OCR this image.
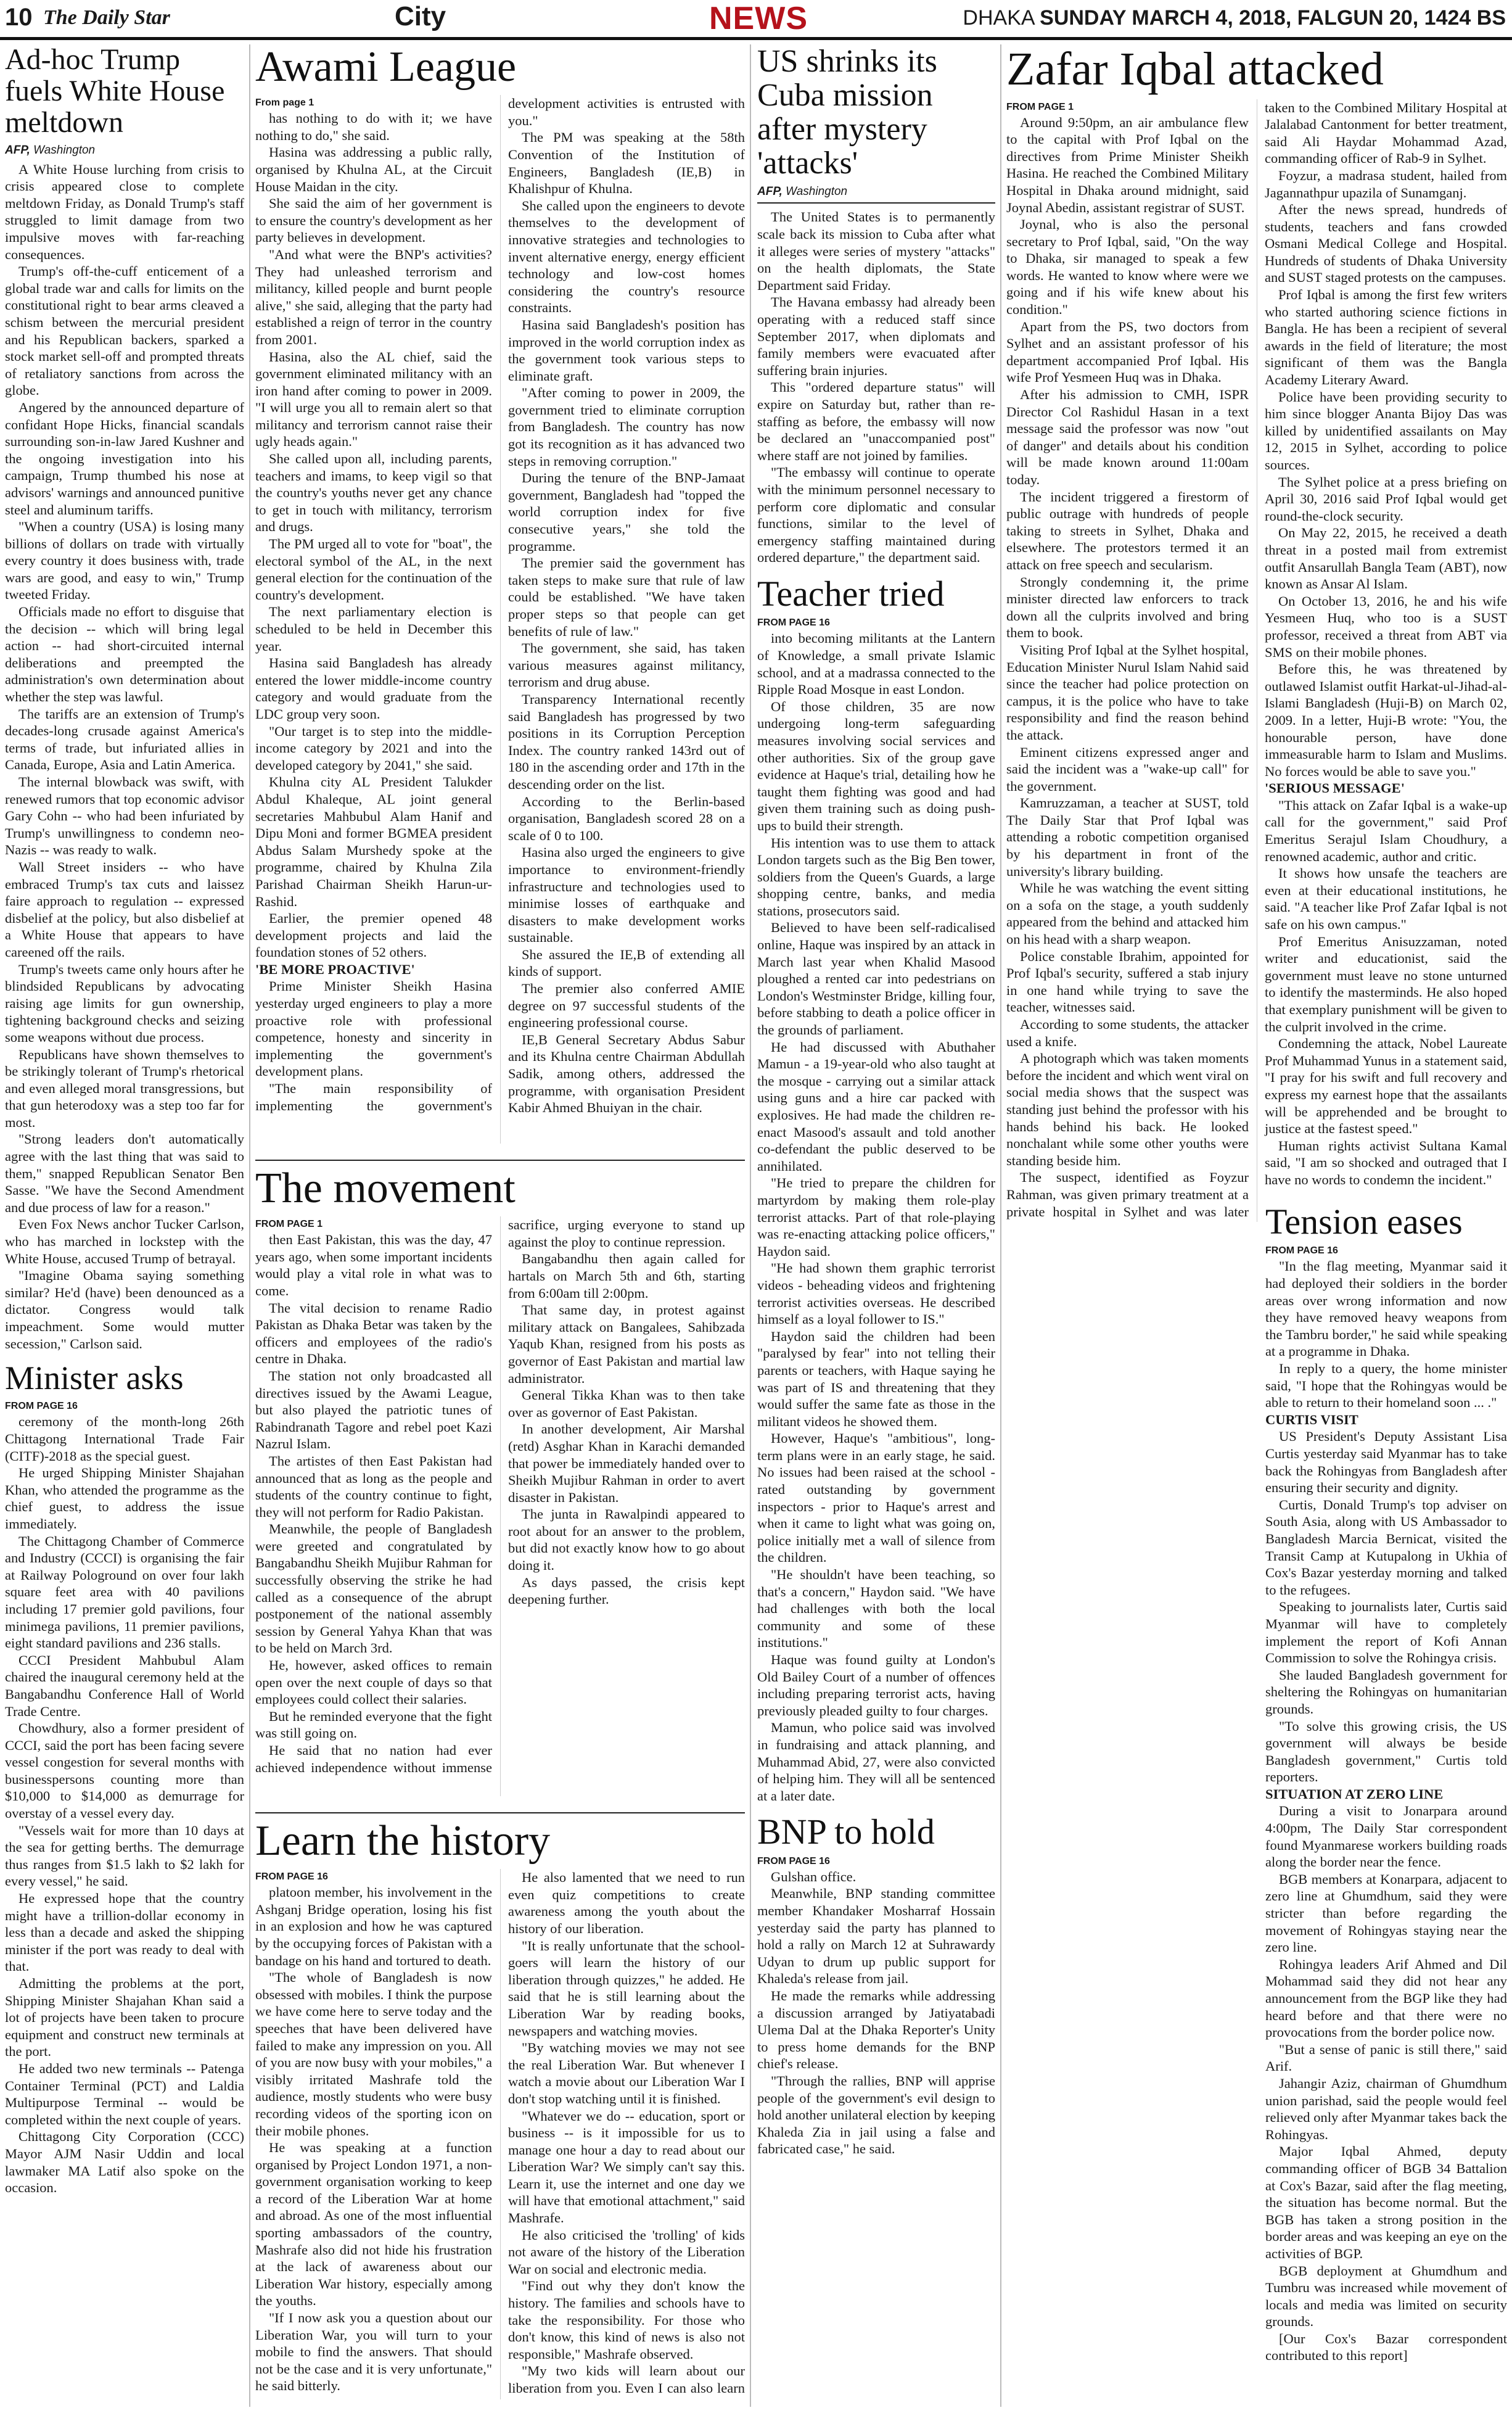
10 The Daily Star	City	NEWS	DHAKA SUNDAY MARCH 4, 2018, FALGUN 20, 1424 BS
Ad-hoc Trump fuels White House meltdown
AFP, Washington

A White House lurching from crisis to crisis appeared close to complete meltdown Friday, as Donald Trump's staff struggled to limit damage from two impulsive moves with far-reaching consequences.

Trump's off-the-cuff enticement of a global trade war and calls for limits on the constitutional right to bear arms cleaved a schism between the mercurial president and his Republican backers, sparked a stock market sell-off and prompted threats of retaliatory sanctions from across the globe.

Angered by the announced departure of confidant Hope Hicks, financial scandals surrounding son-in-law Jared Kushner and the ongoing investigation into his campaign, Trump thumbed his nose at advisors' warnings and announced punitive steel and aluminum tariffs.

"When a country (USA) is losing many billions of dollars on trade with virtually every country it does business with, trade wars are good, and easy to win," Trump tweeted Friday.

Officials made no effort to disguise that the decision -- which will bring legal action -- had short-circuited internal deliberations and preempted the administration's own determination about whether the step was lawful.

The tariffs are an extension of Trump's decades-long crusade against America's terms of trade, but infuriated allies in Canada, Europe, Asia and Latin America.

The internal blowback was swift, with renewed rumors that top economic advisor Gary Cohn -- who had been infuriated by Trump's unwillingness to condemn neo-Nazis -- was ready to walk.

Wall Street insiders -- who have embraced Trump's tax cuts and laissez faire approach to regulation -- expressed disbelief at the policy, but also disbelief at a White House that appears to have careened off the rails.

Trump's tweets came only hours after he blindsided Republicans by advocating raising age limits for gun ownership, tightening background checks and seizing some weapons without due process.

Republicans have shown themselves to be strikingly tolerant of Trump's rhetorical and even alleged moral transgressions, but that gun heterodoxy was a step too far for most.

"Strong leaders don't automatically agree with the last thing that was said to them," snapped Republican Senator Ben Sasse. "We have the Second Amendment and due process of law for a reason."

Even Fox News anchor Tucker Carlson, who has marched in lockstep with the White House, accused Trump of betrayal.

"Imagine Obama saying something similar? He'd (have) been denounced as a dictator. Congress would talk impeachment. Some would mutter secession," Carlson said.

Minister asks
FROM PAGE 16

ceremony of the month-long 26th Chittagong International Trade Fair (CITF)-2018 as the special guest.

He urged Shipping Minister Shajahan Khan, who attended the programme as the chief guest, to address the issue immediately.

The Chittagong Chamber of Commerce and Industry (CCCI) is organising the fair at Railway Pologround on over four lakh square feet area with 40 pavilions including 17 premier gold pavilions, four minimega pavilions, 11 premier pavilions, eight standard pavilions and 236 stalls.

CCCI President Mahbubul Alam chaired the inaugural ceremony held at the Bangabandhu Conference Hall of World Trade Centre.

Chowdhury, also a former president of CCCI, said the port has been facing severe vessel congestion for several months with businesspersons counting more than $10,000 to $14,000 as demurrage for overstay of a vessel every day.

"Vessels wait for more than 10 days at the sea for getting berths. The demurrage thus ranges from $1.5 lakh to $2 lakh for every vessel," he said.

He expressed hope that the country might have a trillion-dollar economy in less than a decade and asked the shipping minister if the port was ready to deal with that.

Admitting the problems at the port, Shipping Minister Shajahan Khan said a lot of projects have been taken to procure equipment and construct new terminals at the port.

He added two new terminals -- Patenga Container Terminal (PCT) and Laldia Multipurpose Terminal -- would be completed within the next couple of years.

Chittagong City Corporation (CCC) Mayor AJM Nasir Uddin and local lawmaker MA Latif also spoke on the occasion.

Awami League
From page 1

has nothing to do with it; we have nothing to do," she said.

Hasina was addressing a public rally, organised by Khulna AL, at the Circuit House Maidan in the city.

She said the aim of her government is to ensure the country's development as her party believes in development.

"And what were the BNP's activities? They had unleashed terrorism and militancy, killed people and burnt people alive," she said, alleging that the party had established a reign of terror in the country from 2001.

Hasina, also the AL chief, said the government eliminated militancy with an iron hand after coming to power in 2009. "I will urge you all to remain alert so that militancy and terrorism cannot raise their ugly heads again."

She called upon all, including parents, teachers and imams, to keep vigil so that the country's youths never get any chance to get in touch with militancy, terrorism and drugs.

The PM urged all to vote for "boat", the electoral symbol of the AL, in the next general election for the continuation of the country's development.

The next parliamentary election is scheduled to be held in December this year.

Hasina said Bangladesh has already entered the lower middle-income country category and would graduate from the LDC group very soon.

"Our target is to step into the middle-income category by 2021 and into the developed category by 2041," she said.

Khulna city AL President Talukder Abdul Khaleque, AL joint general secretaries Mahbubul Alam Hanif and Dipu Moni and former BGMEA president Abdus Salam Murshedy spoke at the programme, chaired by Khulna Zila Parishad Chairman Sheikh Harun-ur-Rashid.

Earlier, the premier opened 48 development projects and laid the foundation stones of 52 others.

'BE MORE PROACTIVE'

Prime Minister Sheikh Hasina yesterday urged engineers to play a more proactive role with professional competence, honesty and sincerity in implementing the government's development plans.

"The main responsibility of implementing the government's development activities is entrusted with you."

The PM was speaking at the 58th Convention of the Institution of Engineers, Bangladesh (IE,B) in Khalishpur of Khulna.

She called upon the engineers to devote themselves to the development of innovative strategies and technologies to invent alternative energy, energy efficient technology and low-cost homes considering the country's resource constraints.

Hasina said Bangladesh's position has improved in the world corruption index as the government took various steps to eliminate graft.

"After coming to power in 2009, the government tried to eliminate corruption from Bangladesh. The country has now got its recognition as it has advanced two steps in removing corruption."

During the tenure of the BNP-Jamaat government, Bangladesh had "topped the world corruption index for five consecutive years," she told the programme.

The premier said the government has taken steps to make sure that rule of law could be established. "We have taken proper steps so that people can get benefits of rule of law."

The government, she said, has taken various measures against militancy, terrorism and drug abuse.

Transparency International recently said Bangladesh has progressed by two positions in its Corruption Perception Index. The country ranked 143rd out of 180 in the ascending order and 17th in the descending order on the list.

According to the Berlin-based organisation, Bangladesh scored 28 on a scale of 0 to 100.

Hasina also urged the engineers to give importance to environment-friendly infrastructure and technologies used to minimise losses of earthquake and disasters to make development works sustainable.

She assured the IE,B of extending all kinds of support.

The premier also conferred AMIE degree on 97 successful students of the engineering professional course.

IE,B General Secretary Abdus Sabur and its Khulna centre Chairman Abdullah Sadik, among others, addressed the programme, with organisation President Kabir Ahmed Bhuiyan in the chair.

The movement
FROM PAGE 1

then East Pakistan, this was the day, 47 years ago, when some important incidents would play a vital role in what was to come.

The vital decision to rename Radio Pakistan as Dhaka Betar was taken by the officers and employees of the radio's centre in Dhaka.

The station not only broadcasted all directives issued by the Awami League, but also played the patriotic tunes of Rabindranath Tagore and rebel poet Kazi Nazrul Islam.

The artistes of then East Pakistan had announced that as long as the people and students of the country continue to fight, they will not perform for Radio Pakistan.

Meanwhile, the people of Bangladesh were greeted and congratulated by Bangabandhu Sheikh Mujibur Rahman for successfully observing the strike he had called as a consequence of the abrupt postponement of the national assembly session by General Yahya Khan that was to be held on March 3rd.

He, however, asked offices to remain open over the next couple of days so that employees could collect their salaries.

But he reminded everyone that the fight was still going on.

He said that no nation had ever achieved independence without immense sacrifice, urging everyone to stand up against the ploy to continue repression.

Bangabandhu then again called for hartals on March 5th and 6th, starting from 6:00am till 2:00pm.

That same day, in protest against military attack on Bangalees, Sahibzada Yaqub Khan, resigned from his posts as governor of East Pakistan and martial law administrator.

General Tikka Khan was to then take over as governor of East Pakistan.

In another development, Air Marshal (retd) Asghar Khan in Karachi demanded that power be immediately handed over to Sheikh Mujibur Rahman in order to avert disaster in Pakistan.

The junta in Rawalpindi appeared to root about for an answer to the problem, but did not exactly know how to go about doing it.

As days passed, the crisis kept deepening further.

Learn the history
FROM PAGE 16

platoon member, his involvement in the Ashganj Bridge operation, losing his fist in an explosion and how he was captured by the occupying forces of Pakistan with a bandage on his hand and tortured to death.

"The whole of Bangladesh is now obsessed with mobiles. I think the purpose we have come here to serve today and the speeches that have been delivered have failed to make any impression on you. All of you are now busy with your mobiles," a visibly irritated Mashrafe told the audience, mostly students who were busy recording videos of the sporting icon on their mobile phones.

He was speaking at a function organised by Project London 1971, a non-government organisation working to keep a record of the Liberation War at home and abroad. As one of the most influential sporting ambassadors of the country, Mashrafe also did not hide his frustration at the lack of awareness about our Liberation War history, especially among the youths.

"If I now ask you a question about our Liberation War, you will turn to your mobile to find the answers. That should not be the case and it is very unfortunate," he said bitterly.

He also lamented that we need to run even quiz competitions to create awareness among the youth about the history of our liberation.

"It is really unfortunate that the school-goers will learn the history of our liberation through quizzes," he added. He said that he is still learning about the Liberation War by reading books, newspapers and watching movies.

"By watching movies we may not see the real Liberation War. But whenever I watch a movie about our Liberation War I don't stop watching until it is finished.

"Whatever we do -- education, sport or business -- is it impossible for us to manage one hour a day to read about our Liberation War? We simply can't say this. Learn it, use the internet and one day we will have that emotional attachment," said Mashrafe.

He also criticised the 'trolling' of kids not aware of the history of the Liberation War on social and electronic media.

"Find out why they don't know the history. The families and schools have to take the responsibility. For those who don't know, this kind of news is also not responsible," Mashrafe observed.

"My two kids will learn about our liberation from you. Even I can also learn

US shrinks its Cuba mission after mystery 'attacks'
AFP, Washington

The United States is to permanently scale back its mission to Cuba after what it alleges were series of mystery "attacks" on the health diplomats, the State Department said Friday.

The Havana embassy had already been operating with a reduced staff since September 2017, when diplomats and family members were evacuated after suffering brain injuries.

This "ordered departure status" will expire on Saturday but, rather than re-staffing as before, the embassy will now be declared an "unaccompanied post" where staff are not joined by families.

"The embassy will continue to operate with the minimum personnel necessary to perform core diplomatic and consular functions, similar to the level of emergency staffing maintained during ordered departure," the department said.

Teacher tried
FROM PAGE 16

into becoming militants at the Lantern of Knowledge, a small private Islamic school, and at a madrassa connected to the Ripple Road Mosque in east London.

Of those children, 35 are now undergoing long-term safeguarding measures involving social services and other authorities. Six of the group gave evidence at Haque's trial, detailing how he taught them fighting was good and had given them training such as doing push-ups to build their strength.

His intention was to use them to attack London targets such as the Big Ben tower, soldiers from the Queen's Guards, a large shopping centre, banks, and media stations, prosecutors said.

Believed to have been self-radicalised online, Haque was inspired by an attack in March last year when Khalid Masood ploughed a rented car into pedestrians on London's Westminster Bridge, killing four, before stabbing to death a police officer in the grounds of parliament.

He had discussed with Abuthaher Mamun - a 19-year-old who also taught at the mosque - carrying out a similar attack using guns and a hire car packed with explosives. He had made the children re-enact Masood's assault and told another co-defendant the public deserved to be annihilated.

"He tried to prepare the children for martyrdom by making them role-play terrorist attacks. Part of that role-playing was re-enacting attacking police officers," Haydon said.

"He had shown them graphic terrorist videos - beheading videos and frightening terrorist activities overseas. He described himself as a loyal follower to IS."

Haydon said the children had been "paralysed by fear" into not telling their parents or teachers, with Haque saying he was part of IS and threatening that they would suffer the same fate as those in the militant videos he showed them.

However, Haque's "ambitious", long-term plans were in an early stage, he said. No issues had been raised at the school - rated outstanding by government inspectors - prior to Haque's arrest and when it came to light what was going on, police initially met a wall of silence from the children.

"He shouldn't have been teaching, so that's a concern," Haydon said. "We have had challenges with both the local community and some of these institutions."

Haque was found guilty at London's Old Bailey Court of a number of offences including preparing terrorist acts, having previously pleaded guilty to four charges.

Mamun, who police said was involved in fundraising and attack planning, and Muhammad Abid, 27, were also convicted of helping him. They will all be sentenced at a later date.

BNP to hold
FROM PAGE 16

Gulshan office.

Meanwhile, BNP standing committee member Khandaker Mosharraf Hossain yesterday said the party has planned to hold a rally on March 12 at Suhrawardy Udyan to drum up public support for Khaleda's release from jail.

He made the remarks while addressing a discussion arranged by Jatiyatabadi Ulema Dal at the Dhaka Reporter's Unity to press home demands for the BNP chief's release.

"Through the rallies, BNP will apprise people of the government's evil design to hold another unilateral election by keeping Khaleda Zia in jail using a false and fabricated case," he said.

Zafar Iqbal attacked
FROM PAGE 1

Around 9:50pm, an air ambulance flew to the capital with Prof Iqbal on the directives from Prime Minister Sheikh Hasina. He reached the Combined Military Hospital in Dhaka around midnight, said Joynal Abedin, assistant registrar of SUST.

Joynal, who is also the personal secretary to Prof Iqbal, said, "On the way to Dhaka, sir managed to speak a few words. He wanted to know where were we going and if his wife knew about his condition."

Apart from the PS, two doctors from Sylhet and an assistant professor of his department accompanied Prof Iqbal. His wife Prof Yesmeen Huq was in Dhaka.

After his admission to CMH, ISPR Director Col Rashidul Hasan in a text message said the professor was now "out of danger" and details about his condition will be made known around 11:00am today.

The incident triggered a firestorm of public outrage with hundreds of people taking to streets in Sylhet, Dhaka and elsewhere. The protestors termed it an attack on free speech and secularism.

Strongly condemning it, the prime minister directed law enforcers to track down all the culprits involved and bring them to book.

Visiting Prof Iqbal at the Sylhet hospital, Education Minister Nurul Islam Nahid said since the teacher had police protection on campus, it is the police who have to take responsibility and find the reason behind the attack.

Eminent citizens expressed anger and said the incident was a "wake-up call" for the government.

Kamruzzaman, a teacher at SUST, told The Daily Star that Prof Iqbal was attending a robotic competition organised by his department in front of the university's library building.

While he was watching the event sitting on a sofa on the stage, a youth suddenly appeared from the behind and attacked him on his head with a sharp weapon.

Police constable Ibrahim, appointed for Prof Iqbal's security, suffered a stab injury in one hand while trying to save the teacher, witnesses said.

According to some students, the attacker used a knife.

A photograph which was taken moments before the incident and which went viral on social media shows that the suspect was standing just behind the professor with his hands behind his back. He looked nonchalant while some other youths were standing beside him.

The suspect, identified as Foyzur Rahman, was given primary treatment at a private hospital in Sylhet and was later taken to the Combined Military Hospital at Jalalabad Cantonment for better treatment, said Ali Haydar Mohammad Azad, commanding officer of Rab-9 in Sylhet.

Foyzur, a madrasa student, hailed from Jagannathpur upazila of Sunamganj.

After the news spread, hundreds of students, teachers and fans crowded Osmani Medical College and Hospital. Hundreds of students of Dhaka University and SUST staged protests on the campuses.

Prof Iqbal is among the first few writers who started authoring science fictions in Bangla. He has been a recipient of several awards in the field of literature; the most significant of them was the Bangla Academy Literary Award.

Police have been providing security to him since blogger Ananta Bijoy Das was killed by unidentified assailants on May 12, 2015 in Sylhet, according to police sources.

The Sylhet police at a press briefing on April 30, 2016 said Prof Iqbal would get round-the-clock security.

On May 22, 2015, he received a death threat in a posted mail from extremist outfit Ansarullah Bangla Team (ABT), now known as Ansar Al Islam.

On October 13, 2016, he and his wife Yesmeen Huq, who too is a SUST professor, received a threat from ABT via SMS on their mobile phones.

Before this, he was threatened by outlawed Islamist outfit Harkat-ul-Jihad-al-Islami Bangladesh (Huji-B) on March 02, 2009. In a letter, Huji-B wrote: "You, the honourable person, have done immeasurable harm to Islam and Muslims. No forces would be able to save you."

'SERIOUS MESSAGE'

"This attack on Zafar Iqbal is a wake-up call for the government," said Prof Emeritus Serajul Islam Choudhury, a renowned academic, author and critic.

It shows how unsafe the teachers are even at their educational institutions, he said. "A teacher like Prof Zafar Iqbal is not safe on his own campus."

Prof Emeritus Anisuzzaman, noted writer and educationist, said the government must leave no stone unturned to identify the masterminds. He also hoped that exemplary punishment will be given to the culprit involved in the crime.

Condemning the attack, Nobel Laureate Prof Muhammad Yunus in a statement said, "I pray for his swift and full recovery and express my earnest hope that the assailants will be apprehended and be brought to justice at the fastest speed."

Human rights activist Sultana Kamal said, "I am so shocked and outraged that I have no words to condemn the incident."

Tension eases
FROM PAGE 16

"In the flag meeting, Myanmar said it had deployed their soldiers in the border areas over wrong information and now they have removed heavy weapons from the Tambru border," he said while speaking at a programme in Dhaka.

In reply to a query, the home minister said, "I hope that the Rohingyas would be able to return to their homeland soon ... ."

CURTIS VISIT

US President's Deputy Assistant Lisa Curtis yesterday said Myanmar has to take back the Rohingyas from Bangladesh after ensuring their security and dignity.

Curtis, Donald Trump's top adviser on South Asia, along with US Ambassador to Bangladesh Marcia Bernicat, visited the Transit Camp at Kutupalong in Ukhia of Cox's Bazar yesterday morning and talked to the refugees.

Speaking to journalists later, Curtis said Myanmar will have to completely implement the report of Kofi Annan Commission to solve the Rohingya crisis.

She lauded Bangladesh government for sheltering the Rohingyas on humanitarian grounds.

"To solve this growing crisis, the US government will always be beside Bangladesh government," Curtis told reporters.

SITUATION AT ZERO LINE

During a visit to Jonarpara around 4:00pm, The Daily Star correspondent found Myanmarese workers building roads along the border near the fence.

BGB members at Konarpara, adjacent to zero line at Ghumdhum, said they were stricter than before regarding the movement of Rohingyas staying near the zero line.

Rohingya leaders Arif Ahmed and Dil Mohammad said they did not hear any announcement from the BGP like they had heard before and that there were no provocations from the border police now.

"But a sense of panic is still there," said Arif.

Jahangir Aziz, chairman of Ghumdhum union parishad, said the people would feel relieved only after Myanmar takes back the Rohingyas.

Major Iqbal Ahmed, deputy commanding officer of BGB 34 Battalion at Cox's Bazar, said after the flag meeting, the situation has become normal. But the BGB has taken a strong position in the border areas and was keeping an eye on the activities of BGP.

BGB deployment at Ghumdhum and Tumbru was increased while movement of locals and media was limited on security grounds.

[Our Cox's Bazar correspondent contributed to this report]
